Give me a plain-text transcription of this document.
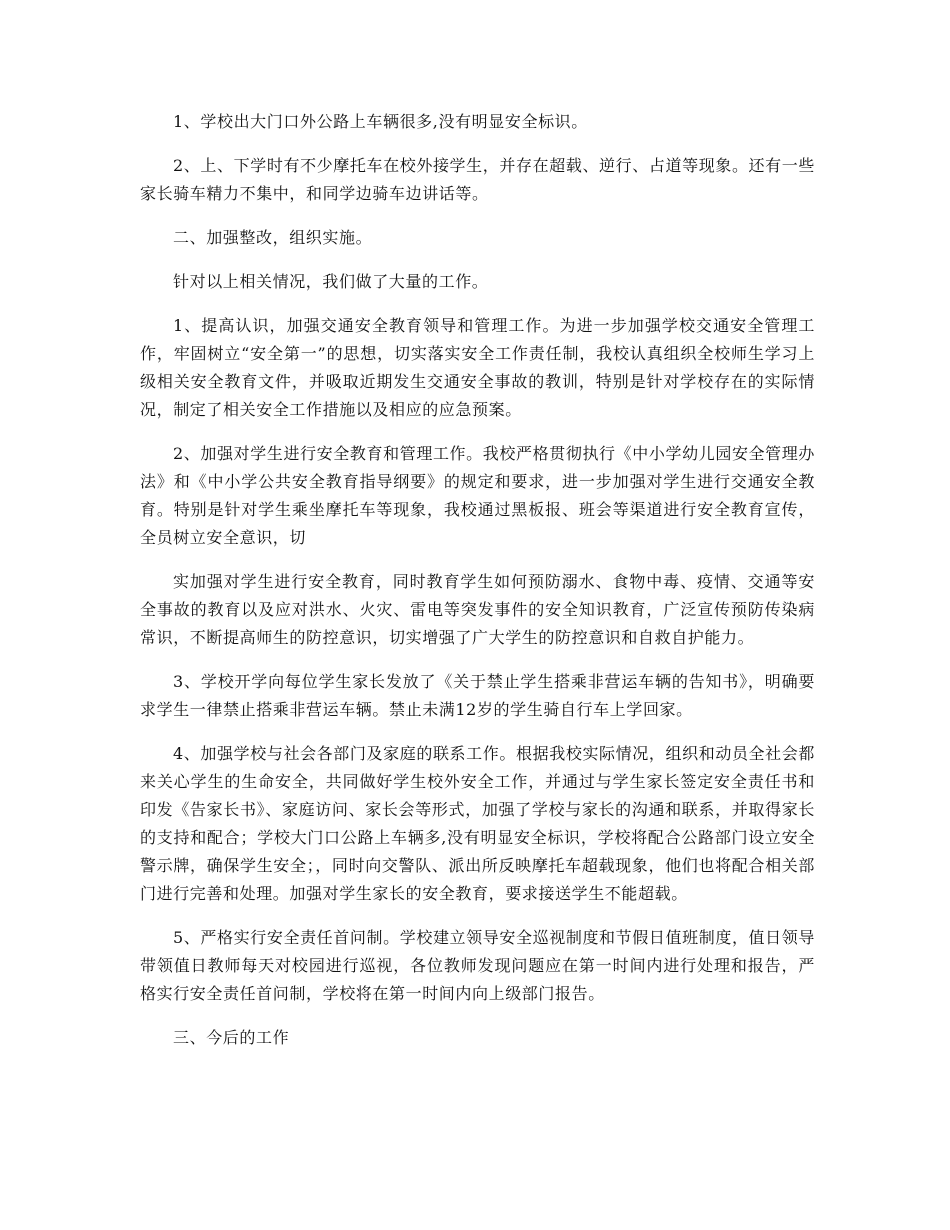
1、学校出大门口外公路上车辆很多,没有明显安全标识。

2、上、下学时有不少摩托车在校外接学生，并存在超载、逆行、占道等现象。还有一些家长骑车精力不集中，和同学边骑车边讲话等。

二、加强整改，组织实施。

针对以上相关情况，我们做了大量的工作。

1、提高认识，加强交通安全教育领导和管理工作。为进一步加强学校交通安全管理工作，牢固树立“安全第一”的思想，切实落实安全工作责任制，我校认真组织全校师生学习上级相关安全教育文件，并吸取近期发生交通安全事故的教训，特别是针对学校存在的实际情况，制定了相关安全工作措施以及相应的应急预案。

2、加强对学生进行安全教育和管理工作。我校严格贯彻执行《中小学幼儿园安全管理办法》和《中小学公共安全教育指导纲要》的规定和要求，进一步加强对学生进行交通安全教育。特别是针对学生乘坐摩托车等现象，我校通过黑板报、班会等渠道进行安全教育宣传，全员树立安全意识，切

实加强对学生进行安全教育，同时教育学生如何预防溺水、食物中毒、疫情、交通等安全事故的教育以及应对洪水、火灾、雷电等突发事件的安全知识教育，广泛宣传预防传染病常识，不断提高师生的防控意识，切实增强了广大学生的防控意识和自救自护能力。

3、学校开学向每位学生家长发放了《关于禁止学生搭乘非营运车辆的告知书》，明确要求学生一律禁止搭乘非营运车辆。禁止未满12岁的学生骑自行车上学回家。

4、加强学校与社会各部门及家庭的联系工作。根据我校实际情况，组织和动员全社会都来关心学生的生命安全，共同做好学生校外安全工作，并通过与学生家长签定安全责任书和印发《告家长书》、家庭访问、家长会等形式，加强了学校与家长的沟通和联系，并取得家长的支持和配合；学校大门口公路上车辆多,没有明显安全标识，学校将配合公路部门设立安全警示牌，确保学生安全；，同时向交警队、派出所反映摩托车超载现象，他们也将配合相关部门进行完善和处理。加强对学生家长的安全教育，要求接送学生不能超载。

5、严格实行安全责任首问制。学校建立领导安全巡视制度和节假日值班制度，值日领导带领值日教师每天对校园进行巡视，各位教师发现问题应在第一时间内进行处理和报告，严格实行安全责任首问制，学校将在第一时间内向上级部门报告。

三、今后的工作
